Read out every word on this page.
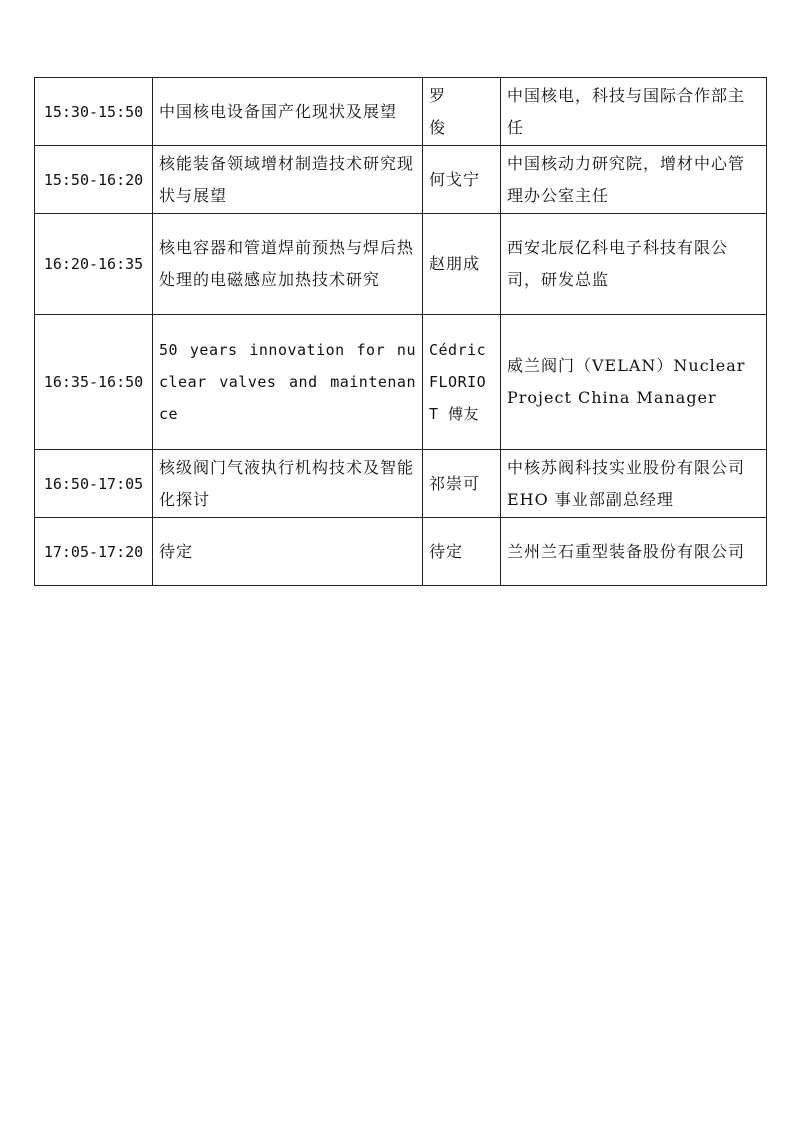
15:30-15:50	中国核电设备国产化现状及展望	罗 俊	中国核电，科技与国际合作部主任
15:50-16:20	核能装备领域增材制造技术研究现状与展望	何戈宁	中国核动力研究院，增材中心管理办公室主任
16:20-16:35	核电容器和管道焊前预热与焊后热处理的电磁感应加热技术研究	赵朋成	西安北辰亿科电子科技有限公司，研发总监
16:35-16:50	50 years innovation for nuclear valves and maintenance	Cédric FLORIOT 傅友	威兰阀门（VELAN）Nuclear Project China Manager
16:50-17:05	核级阀门气液执行机构技术及智能化探讨	祁崇可	中核苏阀科技实业股份有限公司 EHO 事业部副总经理
17:05-17:20	待定	待定	兰州兰石重型装备股份有限公司
